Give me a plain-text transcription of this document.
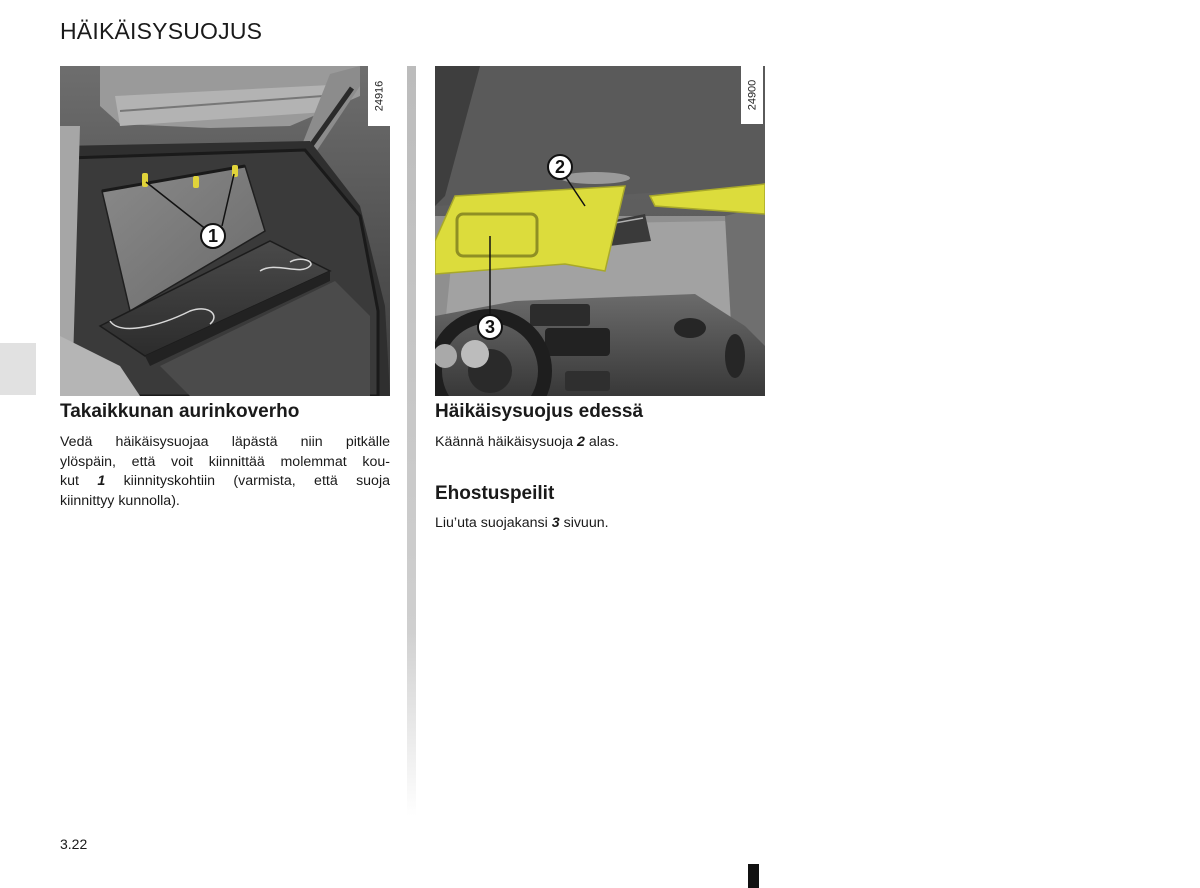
HÄIKÄISYSUOJUS
1
24916
2
3
24900
Takaikkunan aurinkoverho
Vedä häikäisysuojaa läpästä niin pitkälle
ylöspäin, että voit kiinnittää molemmat kou-
kut 1 kiinnityskohtiin (varmista, että suoja
kiinnittyy kunnolla).
Häikäisysuojus edessä

Käännä häikäisysuoja 2 alas.

Ehostuspeilit

Liu’uta suojakansi 3 sivuun.

3.22
